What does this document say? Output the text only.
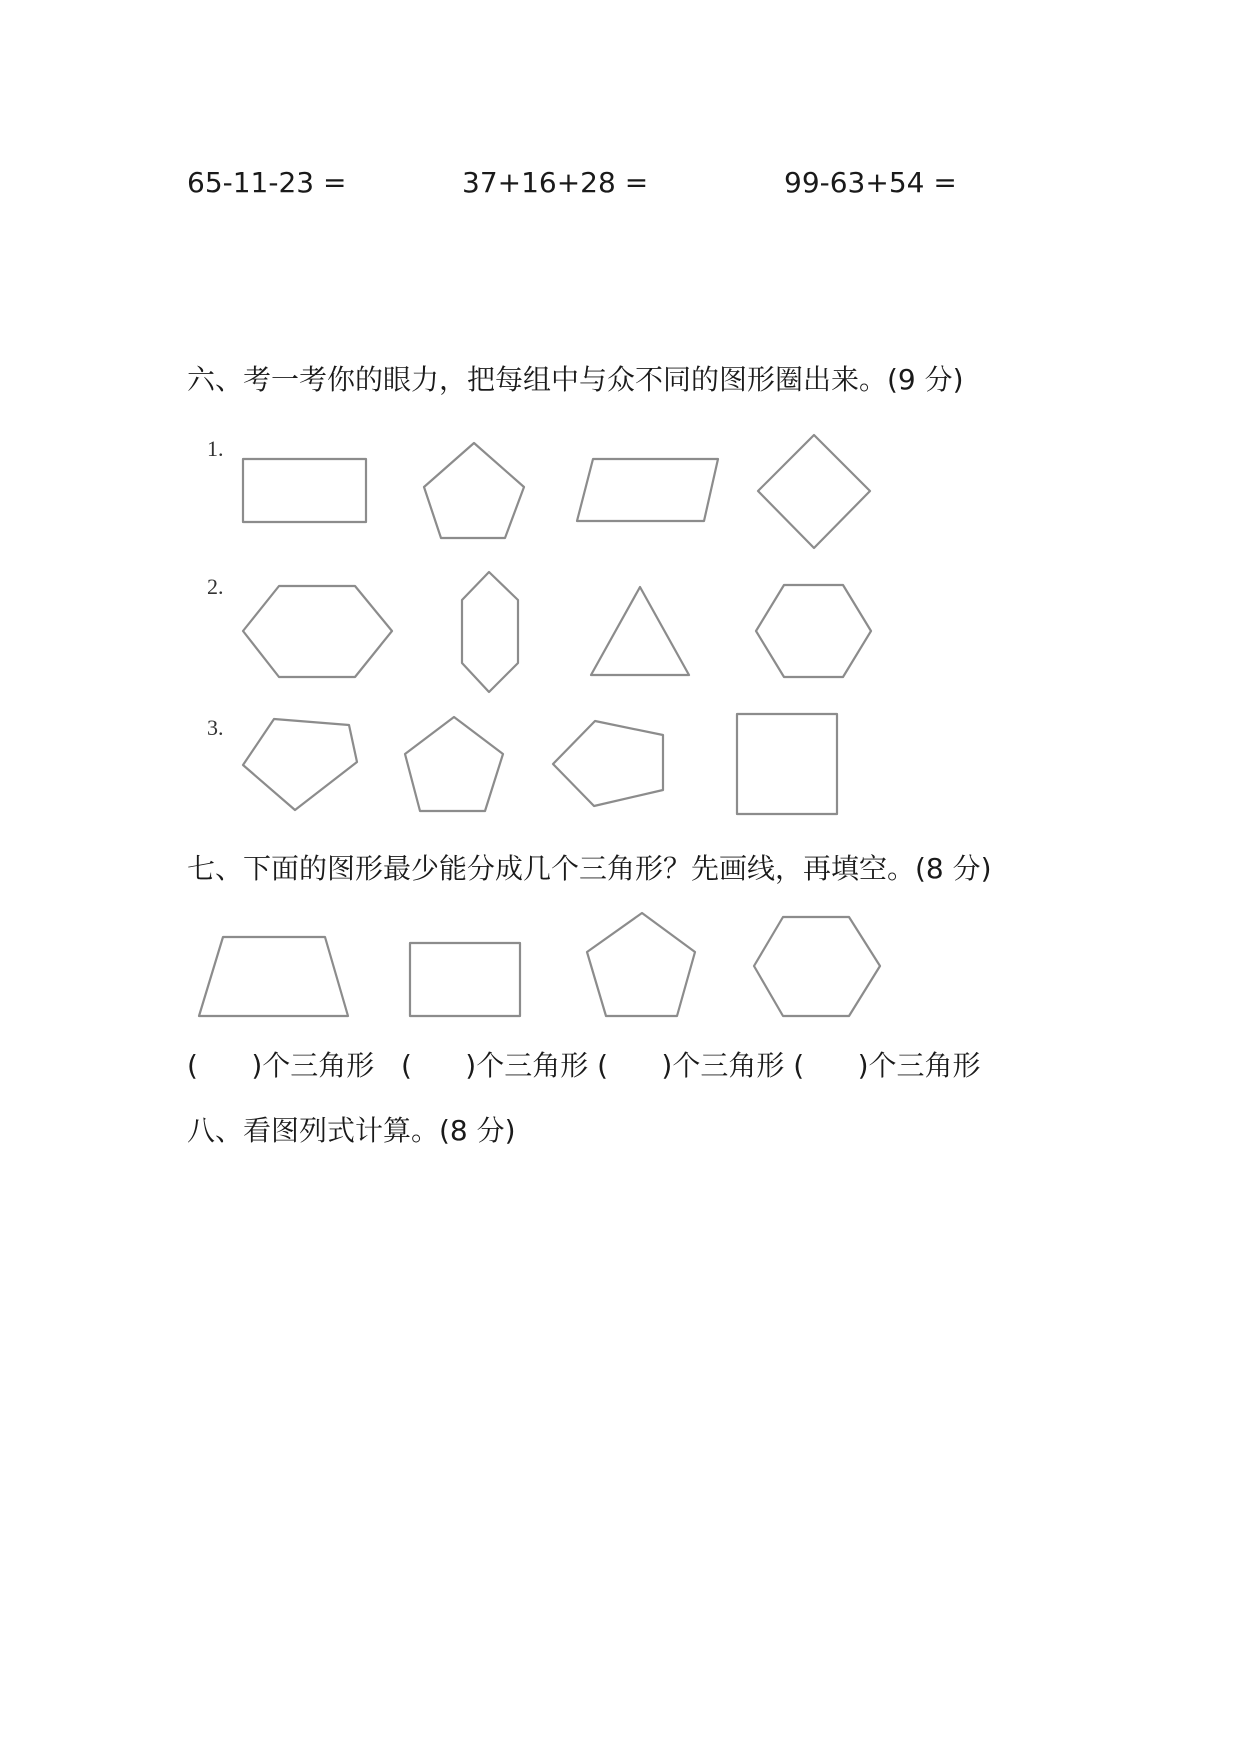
65-11-23 =	37+16+28 =	99-63+54 =
六、考一考你的眼力，把每组中与众不同的图形圈出来。(9 分)
1.
2.
3.
七、下面的图形最少能分成几个三角形？先画线，再填空。(8 分)
(      )个三角形   (      )个三角形 (      )个三角形 (      )个三角形
八、看图列式计算。(8 分)
